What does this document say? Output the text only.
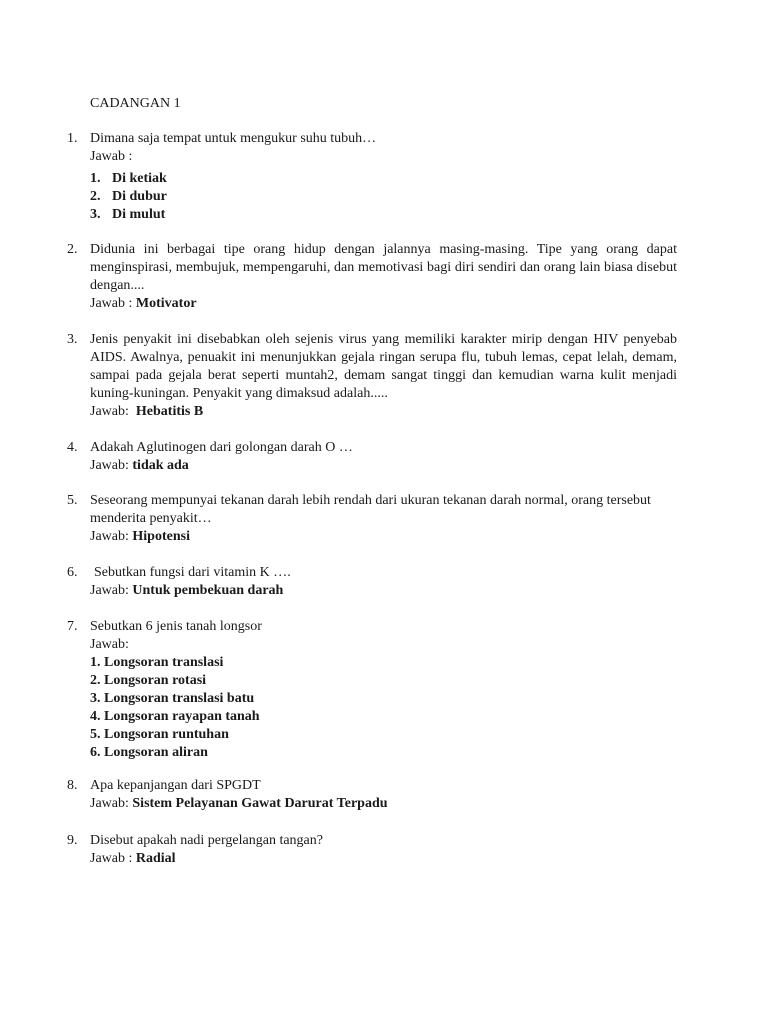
CADANGAN 1
1. Dimana saja tempat untuk mengukur suhu tubuh…
Jawab :
1. Di ketiak
2. Di dubur
3. Di mulut
2. Didunia ini berbagai tipe orang hidup dengan jalannya masing-masing. Tipe yang orang dapat menginspirasi, membujuk, mempengaruhi, dan memotivasi bagi diri sendiri dan orang lain biasa disebut dengan....
Jawab : Motivator
3. Jenis penyakit ini disebabkan oleh sejenis virus yang memiliki karakter mirip dengan HIV penyebab AIDS. Awalnya, penuakit ini menunjukkan gejala ringan serupa flu, tubuh lemas, cepat lelah, demam, sampai pada gejala berat seperti muntah2, demam sangat tinggi dan kemudian warna kulit menjadi kuning-kuningan. Penyakit yang dimaksud adalah.....
Jawab: Hebatitis B
4. Adakah Aglutinogen dari golongan darah O …
Jawab: tidak ada
5. Seseorang mempunyai tekanan darah lebih rendah dari ukuran tekanan darah normal, orang tersebut menderita penyakit…
Jawab: Hipotensi
6. Sebutkan fungsi dari vitamin K ….
Jawab: Untuk pembekuan darah
7. Sebutkan 6 jenis tanah longsor
Jawab:
1. Longsoran translasi
2. Longsoran rotasi
3. Longsoran translasi batu
4. Longsoran rayapan tanah
5. Longsoran runtuhan
6. Longsoran aliran
8. Apa kepanjangan dari SPGDT
Jawab: Sistem Pelayanan Gawat Darurat Terpadu
9. Disebut apakah nadi pergelangan tangan?
Jawab : Radial
